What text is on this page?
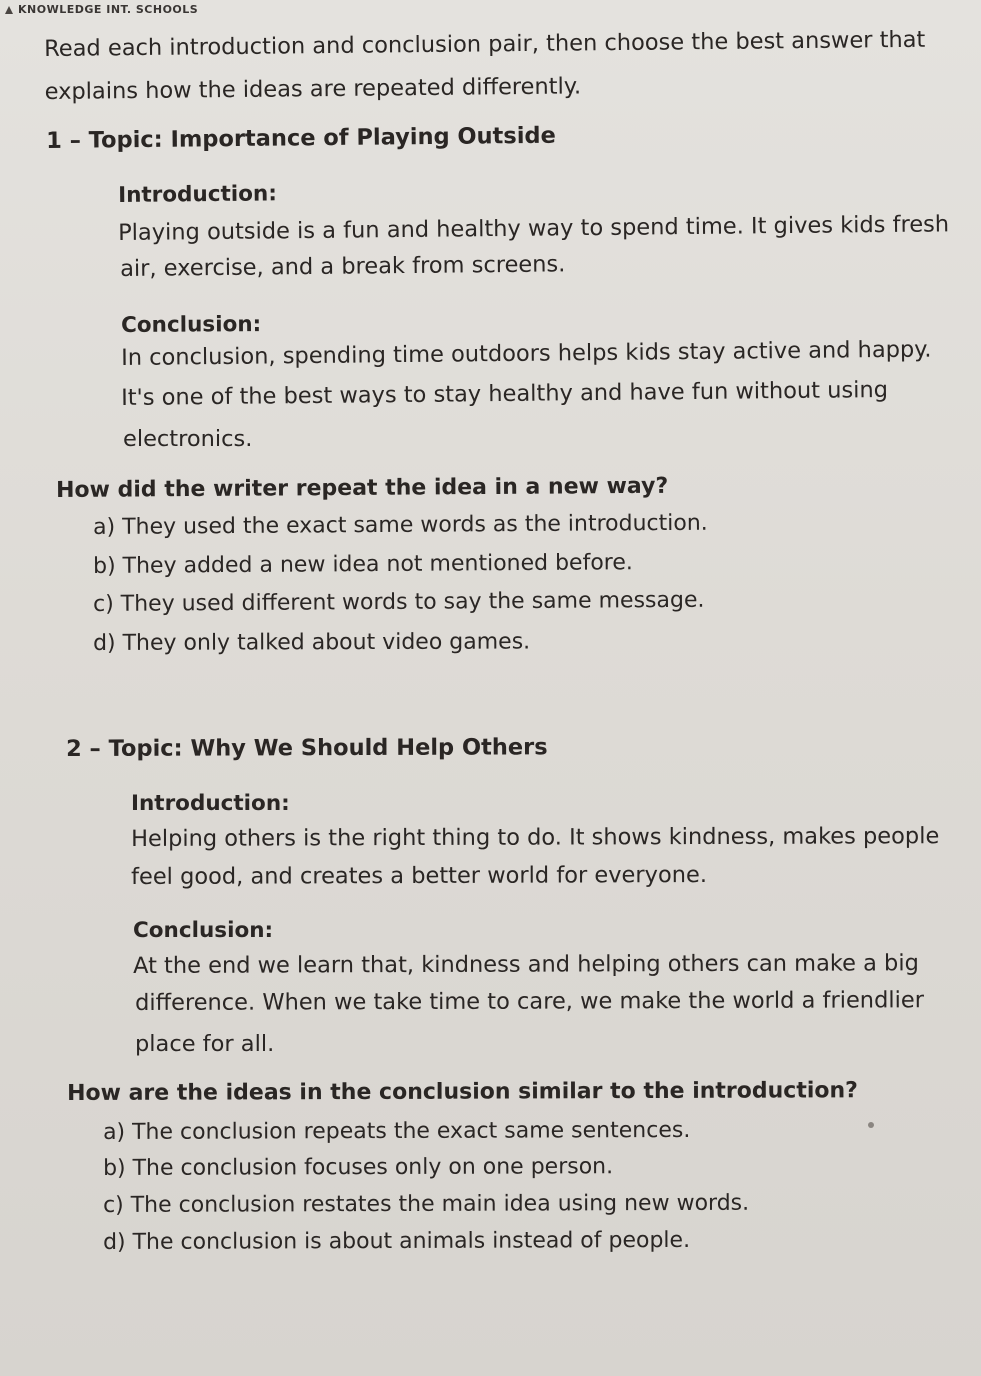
KNOWLEDGE INT. SCHOOLS
Read each introduction and conclusion pair, then choose the best answer that
explains how the ideas are repeated differently.
1 – Topic: Importance of Playing Outside
Introduction:
Playing outside is a fun and healthy way to spend time. It gives kids fresh
air, exercise, and a break from screens.
Conclusion:
In conclusion, spending time outdoors helps kids stay active and happy.
It's one of the best ways to stay healthy and have fun without using
electronics.
How did the writer repeat the idea in a new way?
a) They used the exact same words as the introduction.
b) They added a new idea not mentioned before.
c) They used different words to say the same message.
d) They only talked about video games.
2 – Topic: Why We Should Help Others
Introduction:
Helping others is the right thing to do. It shows kindness, makes people
feel good, and creates a better world for everyone.
Conclusion:
At the end we learn that, kindness and helping others can make a big
difference. When we take time to care, we make the world a friendlier
place for all.
How are the ideas in the conclusion similar to the introduction?
a) The conclusion repeats the exact same sentences.
b) The conclusion focuses only on one person.
c) The conclusion restates the main idea using new words.
d) The conclusion is about animals instead of people.
